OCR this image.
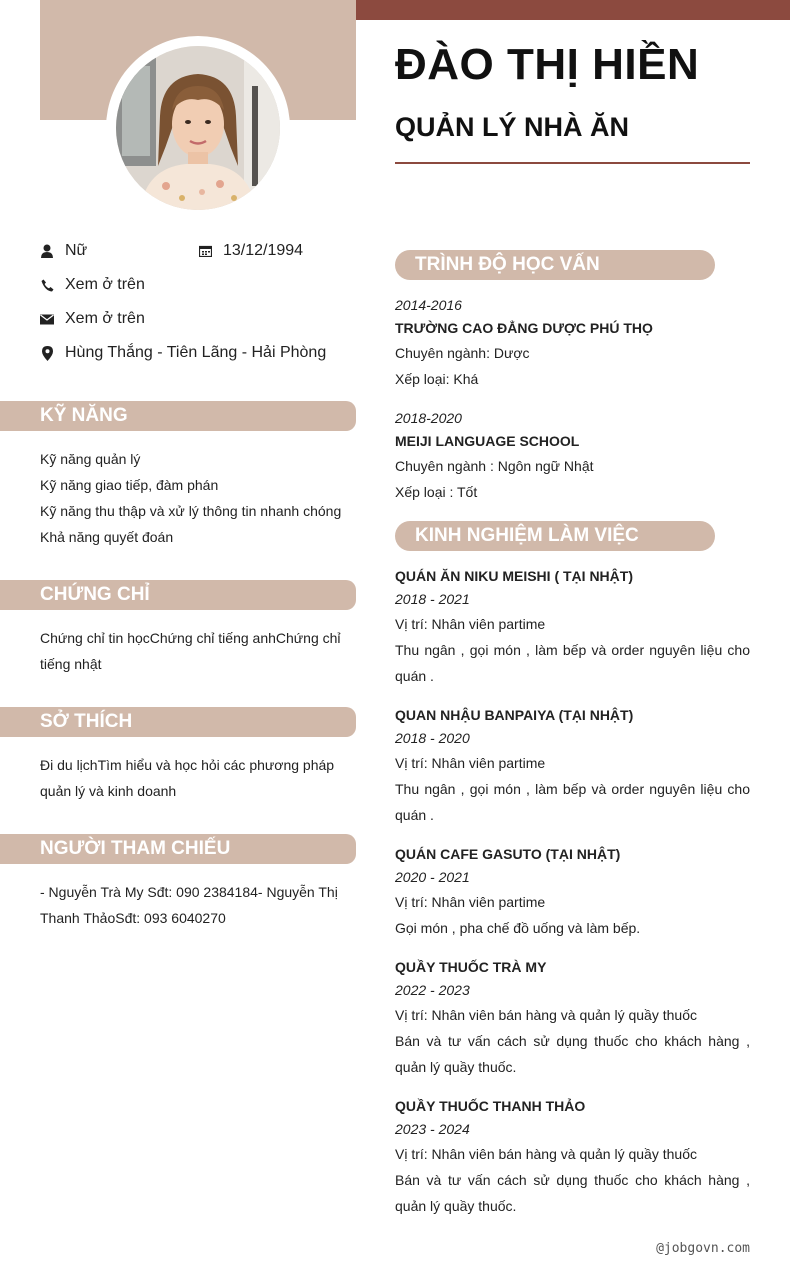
ĐÀO THỊ HIỀN
QUẢN LÝ NHÀ ĂN
Nữ	13/12/1994
Xem ở trên
Xem ở trên
Hùng Thắng - Tiên Lãng - Hải Phòng
KỸ NĂNG
Kỹ năng quản lý
Kỹ năng giao tiếp, đàm phán
Kỹ năng thu thập và xử lý thông tin nhanh chóng
Khả năng quyết đoán
CHỨNG CHỈ
Chứng chỉ tin họcChứng chỉ tiếng anhChứng chỉ tiếng nhật
SỞ THÍCH
Đi du lịchTìm hiểu và học hỏi các phương pháp quản lý và kinh doanh
NGƯỜI THAM CHIẾU
- Nguyễn Trà My Sđt: 090 2384184- Nguyễn Thị Thanh ThảoSđt: 093 6040270
TRÌNH ĐỘ HỌC VẤN
2014-2016
TRƯỜNG CAO ĐẲNG DƯỢC PHÚ THỌ
Chuyên ngành: Dược
Xếp loại: Khá
2018-2020
MEIJI LANGUAGE SCHOOL
Chuyên ngành : Ngôn ngữ Nhật
Xếp loại : Tốt
KINH NGHIỆM LÀM VIỆC
QUÁN ĂN NIKU MEISHI ( TẠI NHẬT)
2018 - 2021
Vị trí: Nhân viên partime
Thu ngân , gọi món , làm bếp và order nguyên liệu cho quán .
QUAN NHẬU BANPAIYA (TẠI NHẬT)
2018 - 2020
Vị trí: Nhân viên partime
Thu ngân , gọi món , làm bếp và order nguyên liệu cho quán .
QUÁN CAFE GASUTO (TẠI NHẬT)
2020 - 2021
Vị trí: Nhân viên partime
Gọi món , pha chế đồ uống và làm bếp.
QUẦY THUỐC TRÀ MY
2022 - 2023
Vị trí: Nhân viên bán hàng và quản lý quầy thuốc
Bán và tư vấn cách sử dụng thuốc cho khách hàng , quản lý quầy thuốc.
QUẦY THUỐC THANH THẢO
2023 - 2024
Vị trí: Nhân viên bán hàng và quản lý quầy thuốc
Bán và tư vấn cách sử dụng thuốc cho khách hàng , quản lý quầy thuốc.
@jobgovn.com
